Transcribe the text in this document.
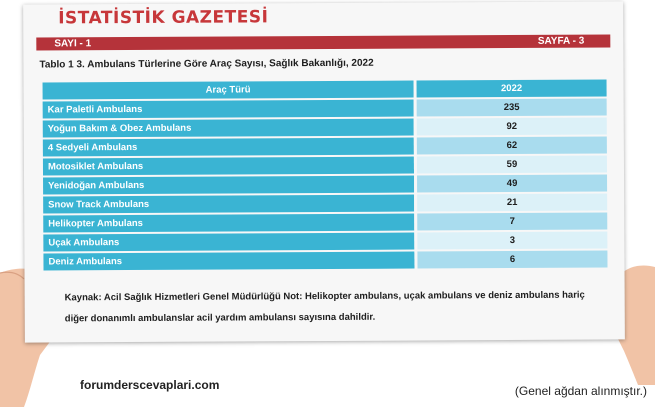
İSTATİSTİK GAZETESİ
SAYI - 1	SAYFA - 3
Tablo 1 3. Ambulans Türlerine Göre Araç Sayısı, Sağlık Bakanlığı, 2022
Araç Türü	2022
Kar Paletli Ambulans	235
Yoğun Bakım & Obez Ambulans	92
4 Sedyeli Ambulans	62
Motosiklet Ambulans	59
Yenidoğan Ambulans	49
Snow Track Ambulans	21
Helikopter Ambulans	7
Uçak Ambulans	3
Deniz Ambulans	6
Kaynak: Acil Sağlık Hizmetleri Genel Müdürlüğü Not: Helikopter ambulans, uçak ambulans ve deniz ambulans hariç diğer donanımlı ambulanslar acil yardım ambulansı sayısına dahildir.
forumderscevaplari.com	(Genel ağdan alınmıştır.)
